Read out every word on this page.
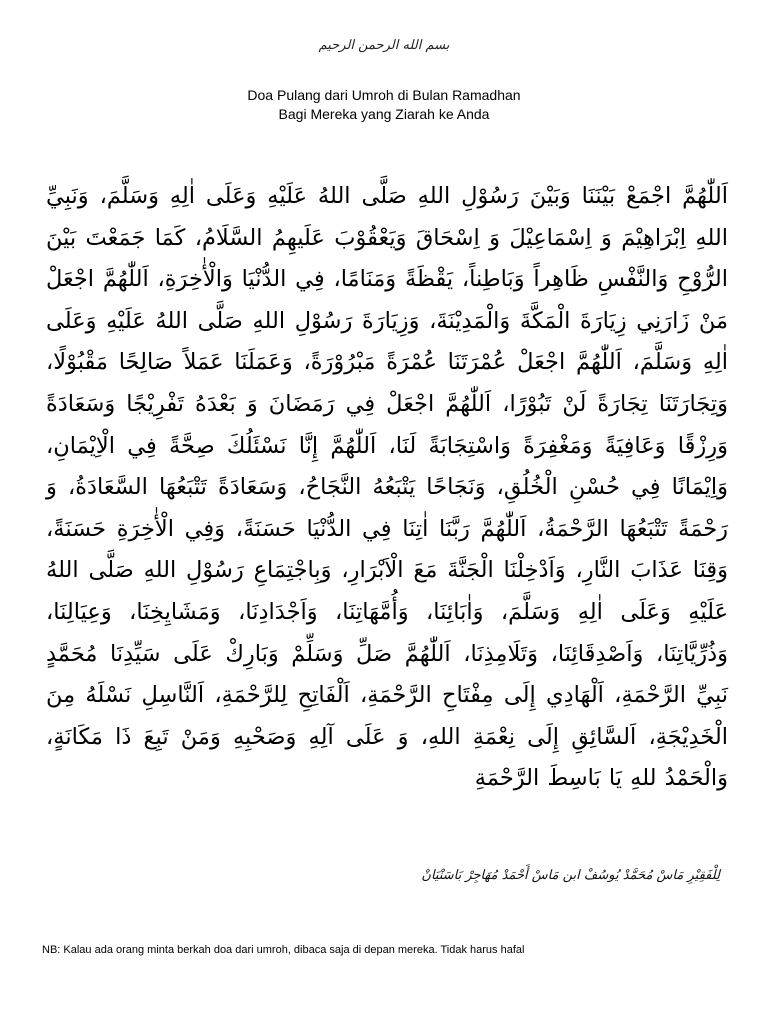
بسم الله الرحمن الرحيم
Doa Pulang dari Umroh di Bulan Ramadhan
Bagi Mereka yang Ziarah ke Anda
اَللّٰهُمَّ اجْمَعْ بَيْنَنَا وَبَيْنَ رَسُوْلِ اللهِ صَلَّى اللهُ عَلَيْهِ وَعَلَى اٰلِهِ وَسَلَّمَ، وَنَبِيِّ اللهِ اِبْرَاهِيْمَ وَ اِسْمَاعِيْلَ وَ اِسْحَاقَ وَيَعْقُوْبَ عَلَيهِمُ السَّلَامُ، كَمَا جَمَعْتَ بَيْنَ الرُّوْحِ وَالنَّفْسِ ظَاهِراً وَبَاطِناً، يَقْظَةً وَمَنَامًا، فِي الدُّنْيَا وَالْأٰخِرَةِ، اَللّٰهُمَّ اجْعَلْ مَنْ زَارَنِي زِيَارَةَ الْمَكَّةَ وَالْمَدِيْنَةَ، وَزِيَارَةَ رَسُوْلِ اللهِ صَلَّى اللهُ عَلَيْهِ وَعَلَى اٰلِهِ وَسَلَّمَ، اَللّٰهُمَّ اجْعَلْ عُمْرَتَنَا عُمْرَةً مَبْرُوْرَةً، وَعَمَلَنَا عَمَلاً صَالِحًا مَقْبُوْلًا، وَتِجَارَتَنَا تِجَارَةً لَنْ تَبُوْرًا، اَللّٰهُمَّ اجْعَلْ فِي رَمَضَانَ وَ بَعْدَهُ تَفْرِيْجًا وَسَعَادَةً وَرِزْقًا وَعَافِيَةً وَمَغْفِرَةً وَاسْتِجَابَةً لَنَا، اَللّٰهُمَّ إِنَّا نَسْئَلُكَ صِحَّةً فِي الْاِيْمَانِ، وَاِيْمَانًا فِي حُسْنِ الْخُلُقِ، وَنَجَاحًا يَتْبَعُهُ النَّجَاحُ، وَسَعَادَةً تَتْبَعُهَا السَّعَادَةُ، وَ رَحْمَةً تَتْبَعُهَا الرَّحْمَةُ، اَللّٰهُمَّ رَبَّنَا اٰتِنَا فِي الدُّنْيَا حَسَنَةً، وَفِي الْأٰخِرَةِ حَسَنَةً، وَقِنَا عَذَابَ النَّارِ، وَاَدْخِلْنَا الْجَنَّةَ مَعَ الْاَبْرَارِ، وَبِاجْتِمَاعِ رَسُوْلِ اللهِ صَلَّى اللهُ عَلَيْهِ وَعَلَى اٰلِهِ وَسَلَّمَ، وَاٰبَائِنَا، وَأُمَّهَاتِنَا، وَاَجْدَادِنَا، وَمَشَايِخِنَا، وَعِيَالِنَا، وَذُرِّيَّاتِنَا، وَاَصْدِقَائِنَا، وَتَلَامِذِنَا، اَللّٰهُمَّ صَلِّ وَسَلِّمْ وَبَارِكْ عَلَى سَيِّدِنَا مُحَمَّدٍ نَبِيِّ الرَّحْمَةِ، اَلْهَادِي إِلَى مِفْتَاحِ الرَّحْمَةِ، اَلْفَاتِحِ لِلرَّحْمَةِ، اَلنَّاسِلِ نَسْلَهُ مِنَ الْخَدِيْجَةِ، اَلسَّائِقِ إِلَى نِعْمَةِ اللهِ، وَ عَلَى آلِهِ وَصَحْبِهِ وَمَنْ تَبِعَ ذَا مَكَانَةٍ، وَالْحَمْدُ للهِ يَا بَاسِطَ الرَّحْمَةِ
لِلْفَقِيْرِ مَاسْ مُحَمَّدْ يُوسُفْ ابن مَاسْ أَحْمَدْ مُهَاجِرْ بَاسَنْيَانْ
NB: Kalau ada orang minta berkah doa dari umroh, dibaca saja di depan mereka. Tidak harus hafal
